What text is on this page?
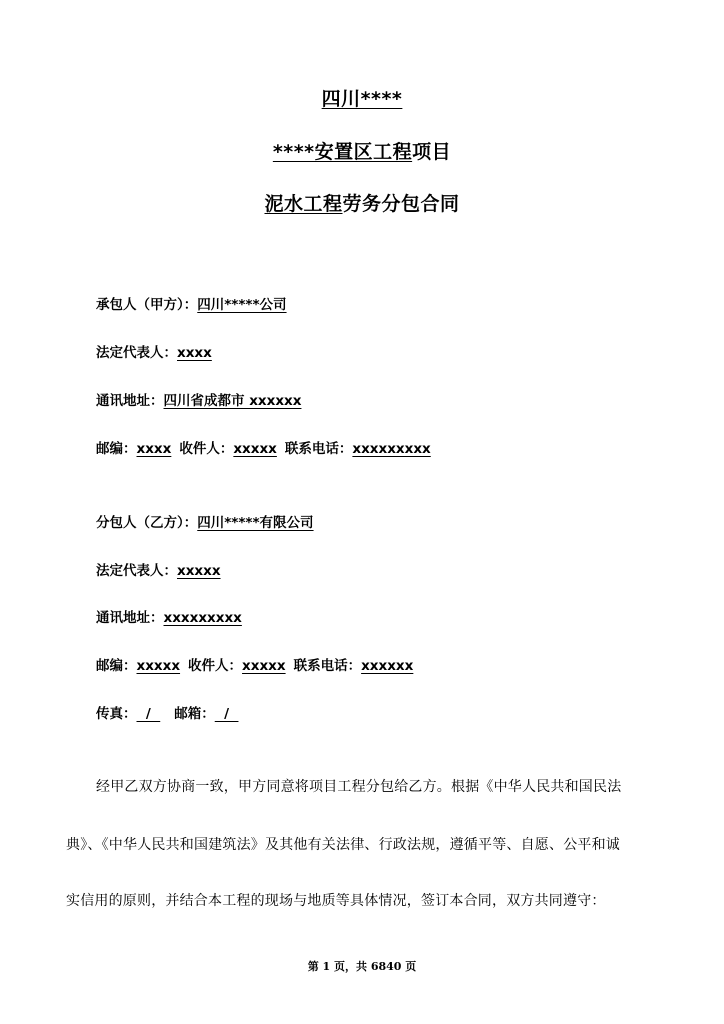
四川****
****安置区工程项目
泥水工程劳务分包合同
承包人（甲方）：四川*****公司
法定代表人：xxxx
通讯地址：四川省成都市 xxxxxx
邮编：xxxx 收件人：xxxxx 联系电话：xxxxxxxxx
分包人（乙方）：四川*****有限公司
法定代表人：xxxxx
通讯地址：xxxxxxxxx
邮编：xxxxx 收件人：xxxxx 联系电话：xxxxxx
传真：  /  邮箱：  /
经甲乙双方协商一致，甲方同意将项目工程分包给乙方。根据《中华人民共和国民法
典》、《中华人民共和国建筑法》及其他有关法律、行政法规，遵循平等、自愿、公平和诚
实信用的原则，并结合本工程的现场与地质等具体情况，签订本合同，双方共同遵守：
第 1 页，共 6840 页
